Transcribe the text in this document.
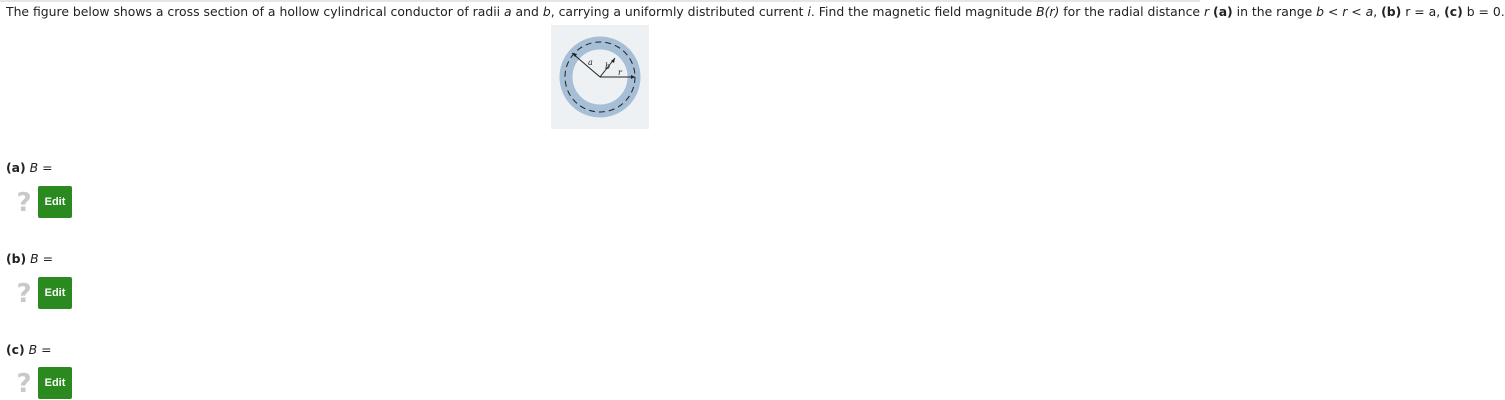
The figure below shows a cross section of a hollow cylindrical conductor of radii a and b, carrying a uniformly distributed current i. Find the magnetic field magnitude B(r) for the radial distance r (a) in the range b < r < a, (b) r = a, (c) b = 0.
a b
r
(a) B =
?	Edit
(b) B =
?	Edit
(c) B =
?	Edit
